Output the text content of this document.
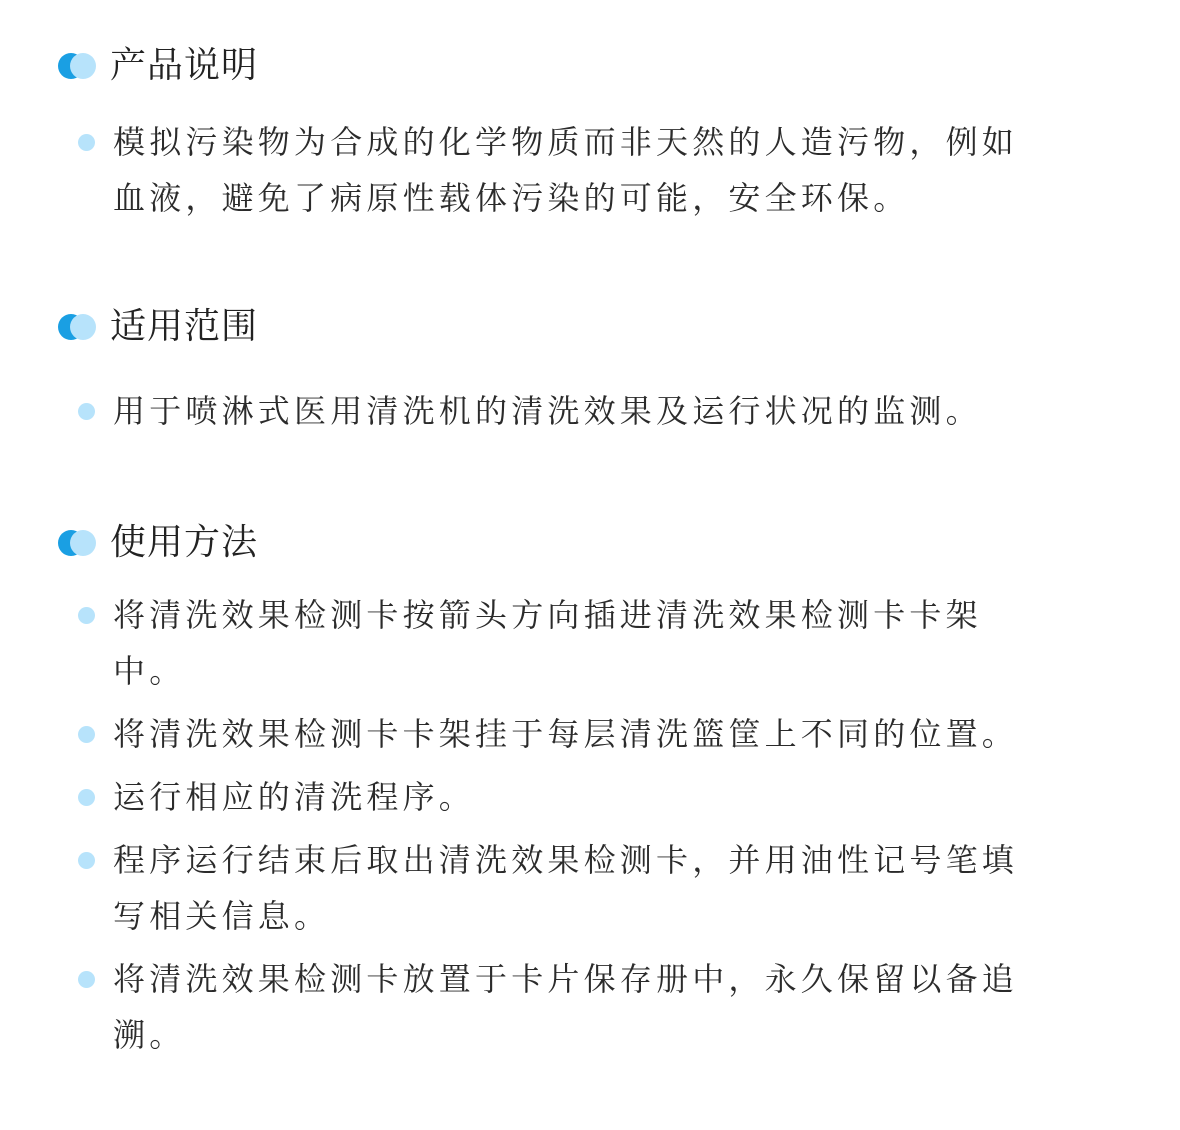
产品说明
模拟污染物为合成的化学物质而非天然的人造污物，例如血液，避免了病原性载体污染的可能，安全环保。
适用范围
用于喷淋式医用清洗机的清洗效果及运行状况的监测。
使用方法
将清洗效果检测卡按箭头方向插进清洗效果检测卡卡架中。
将清洗效果检测卡卡架挂于每层清洗篮筐上不同的位置。
运行相应的清洗程序。
程序运行结束后取出清洗效果检测卡，并用油性记号笔填写相关信息。
将清洗效果检测卡放置于卡片保存册中，永久保留以备追溯。
